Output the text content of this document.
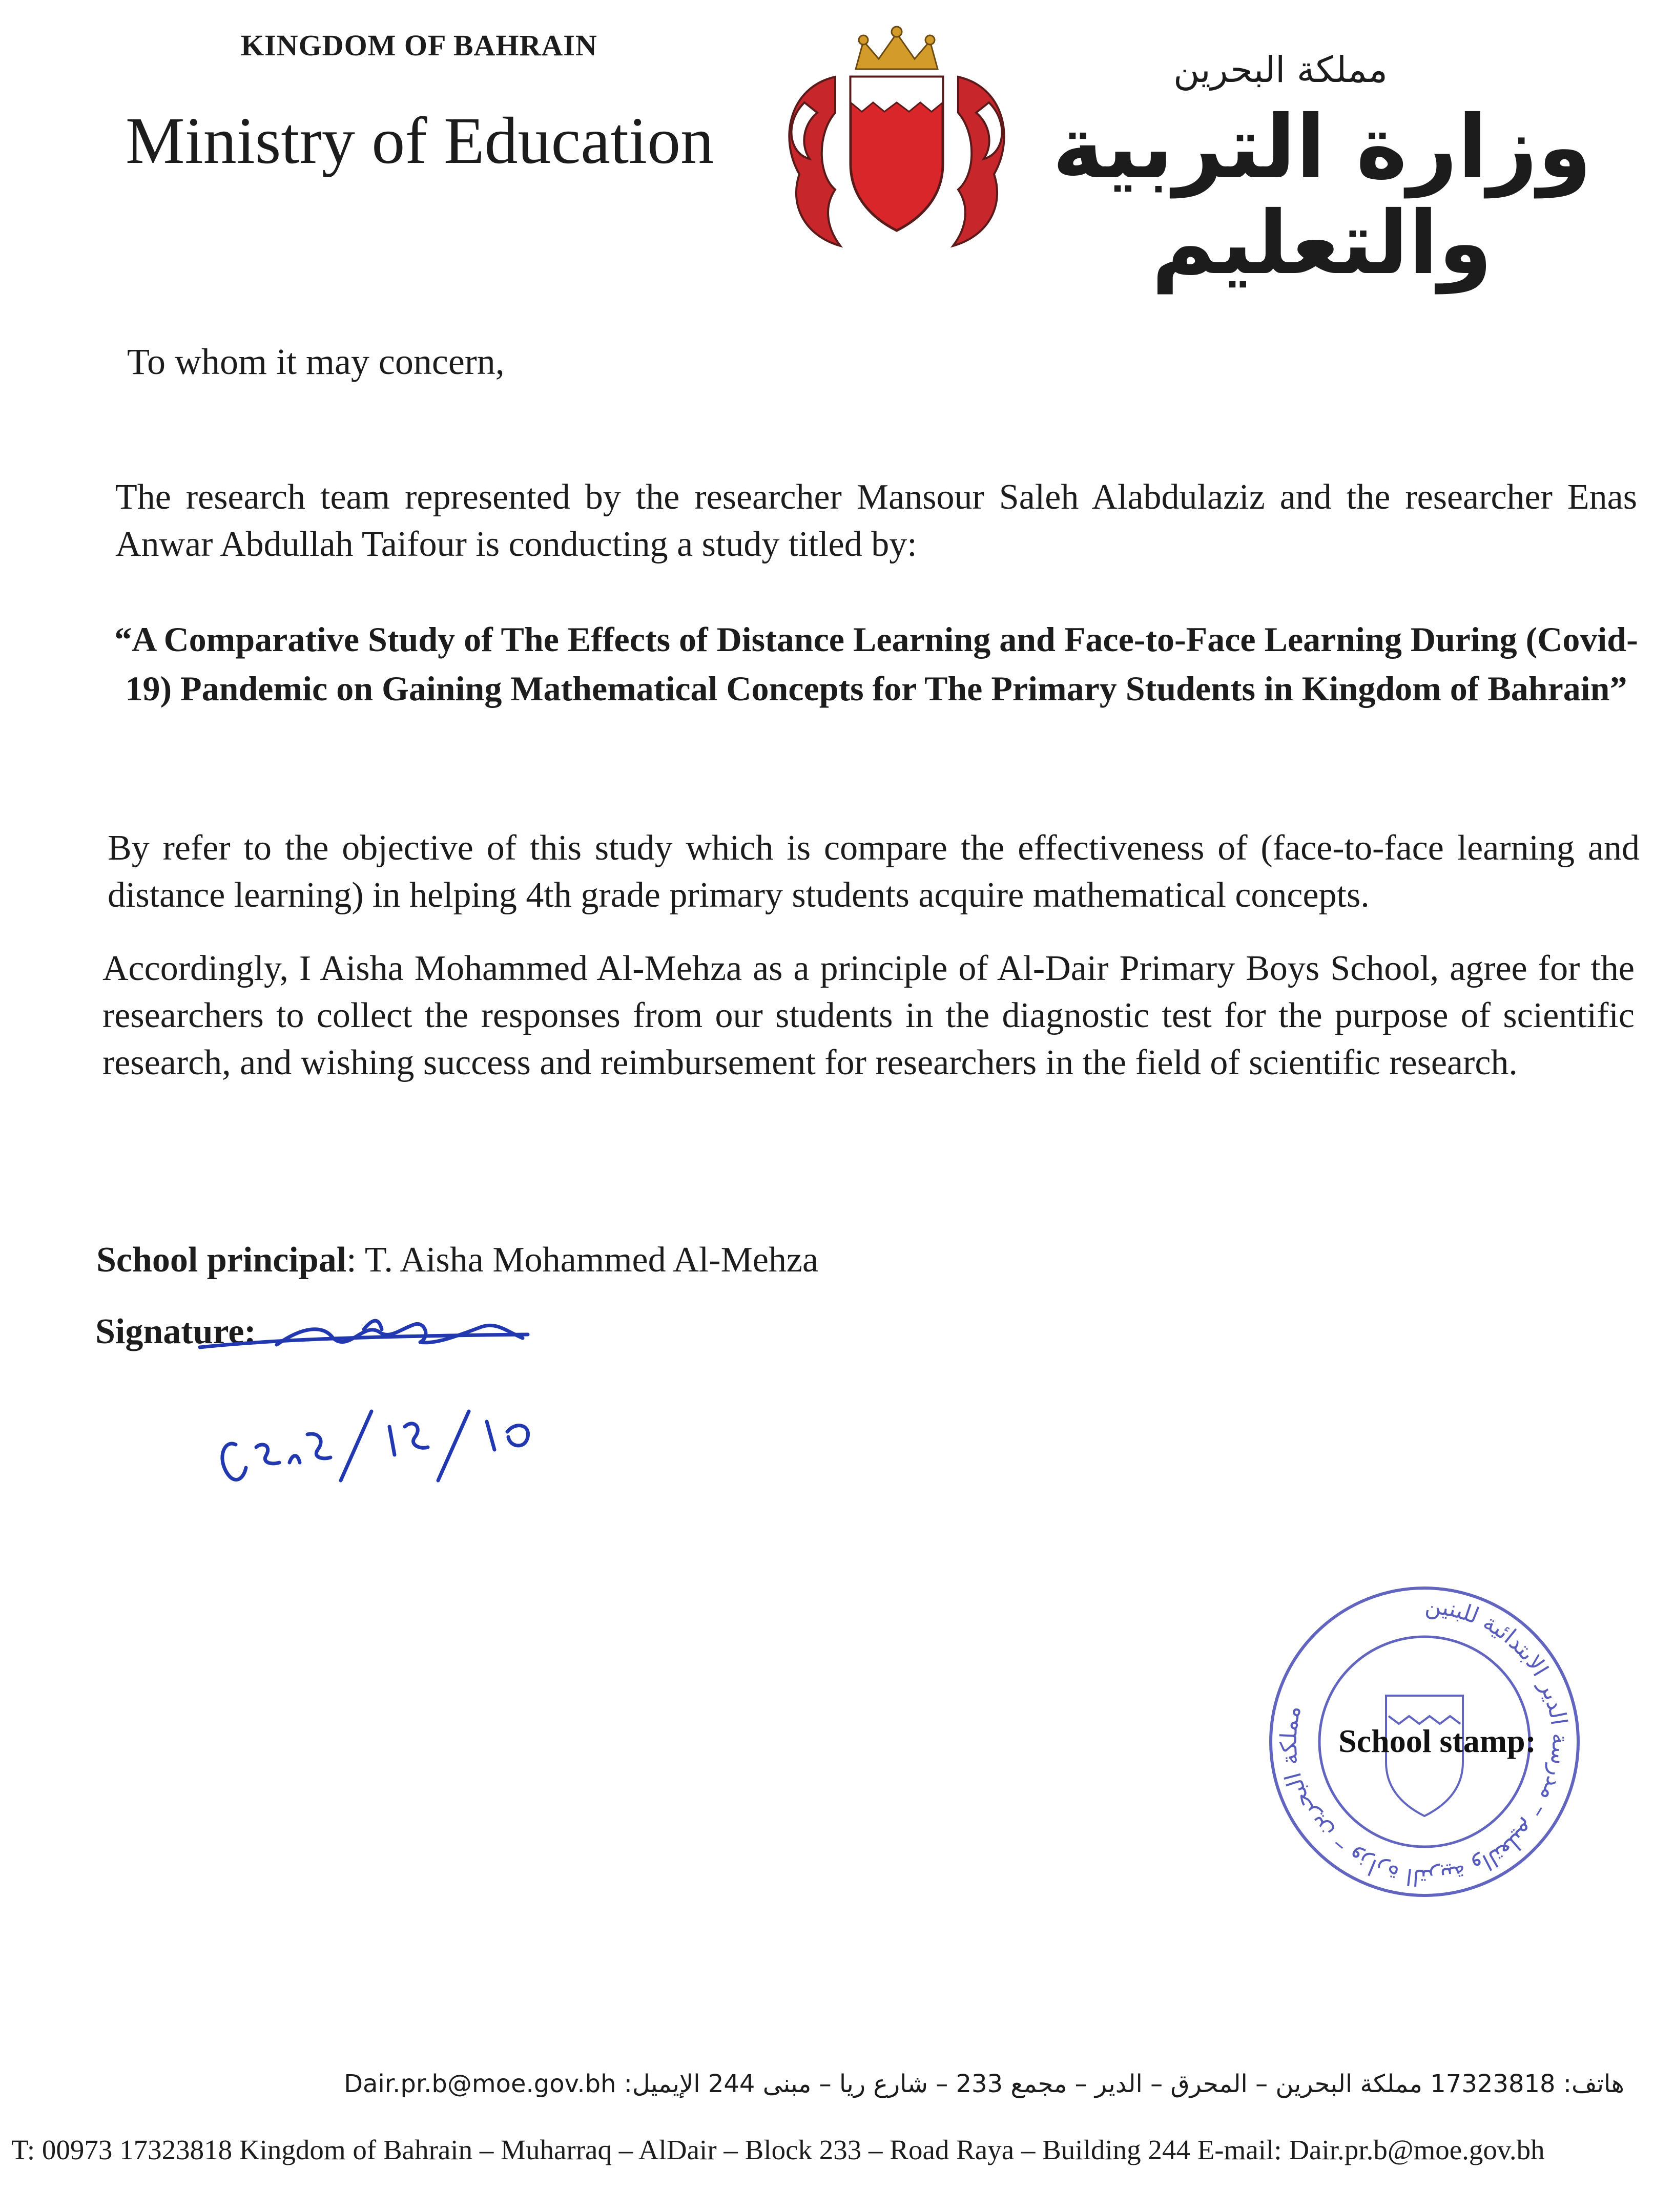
KINGDOM OF BAHRAIN
Ministry of Education
مملكة البحرين
وزارة التربية والتعليم
To whom it may concern,
The research team represented by the researcher Mansour Saleh Alabdulaziz and the researcher Enas Anwar Abdullah Taifour is conducting a study titled by:
“A Comparative Study of The Effects of Distance Learning and Face-to-Face Learning During (Covid-19) Pandemic on Gaining Mathematical Concepts for The Primary Students in Kingdom of Bahrain”
By refer to the objective of this study which is compare the effectiveness of (face-to-face learning and distance learning) in helping 4th grade primary students acquire mathematical concepts.
Accordingly, I Aisha Mohammed Al-Mehza as a principle of Al-Dair Primary Boys School, agree for the researchers to collect the responses from our students in the diagnostic test for the purpose of scientific research, and wishing success and reimbursement for researchers in the field of scientific research.
School principal: T. Aisha Mohammed Al-Mehza
Signature:
مملكة البحرين – وزارة التربية والتعليم – مدرسة الدير الابتدائية للبنين
School stamp:
هاتف: 17323818 مملكة البحرين – المحرق – الدير – مجمع 233 – شارع ريا – مبنى 244 الإيميل: Dair.pr.b@moe.gov.bh
T: 00973 17323818 Kingdom of Bahrain – Muharraq – AlDair – Block 233 – Road Raya – Building 244 E-mail: Dair.pr.b@moe.gov.bh
